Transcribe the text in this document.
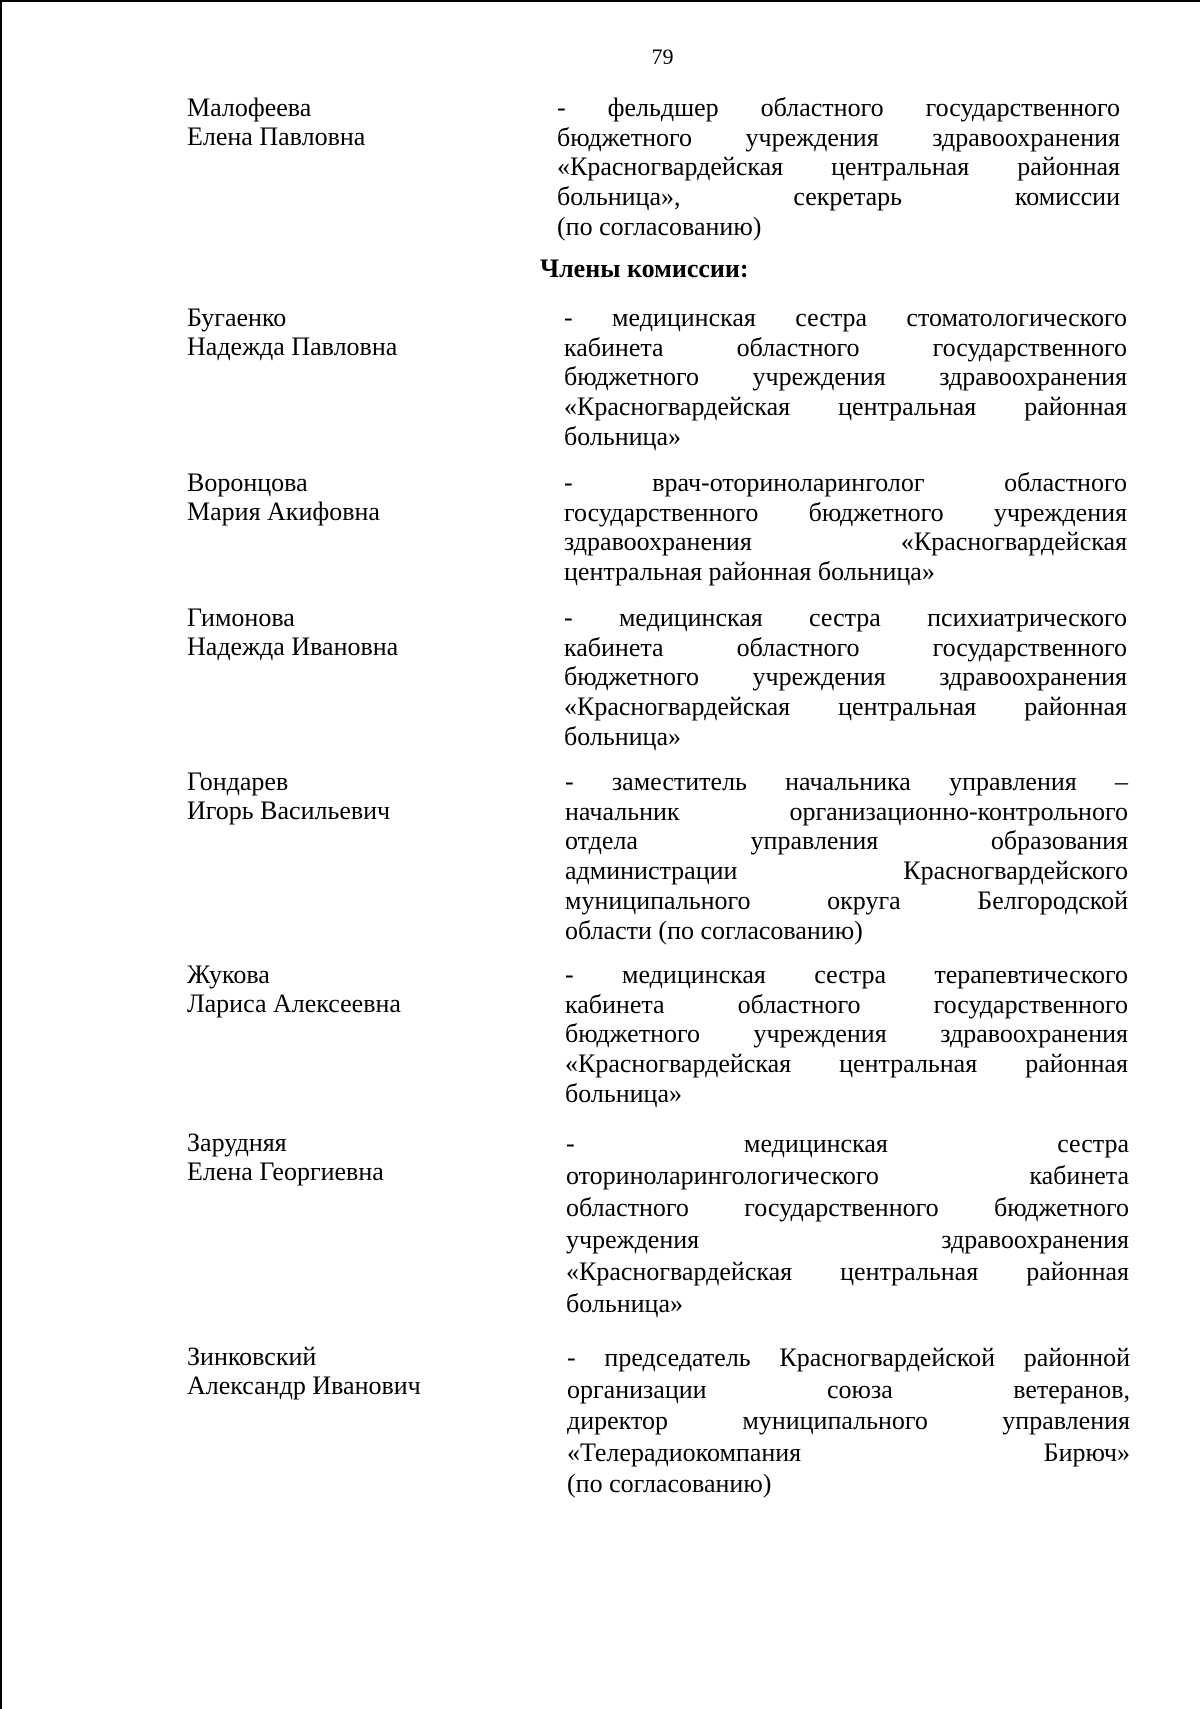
79
Малофеева
Елена Павловна
- фельдшер областного государственного
бюджетного учреждения здравоохранения
«Красногвардейская центральная районная
больница», секретарь комиссии
(по согласованию)
Члены комиссии:
Бугаенко
Надежда Павловна
- медицинская сестра стоматологического
кабинета областного государственного
бюджетного учреждения здравоохранения
«Красногвардейская центральная районная
больница»
Воронцова
Мария Акифовна
- врач-оториноларинголог областного
государственного бюджетного учреждения
здравоохранения «Красногвардейская
центральная районная больница»
Гимонова
Надежда Ивановна
- медицинская сестра психиатрического
кабинета областного государственного
бюджетного учреждения здравоохранения
«Красногвардейская центральная районная
больница»
Гондарев
Игорь Васильевич
- заместитель начальника управления –
начальник организационно-контрольного
отдела управления образования
администрации Красногвардейского
муниципального округа Белгородской
области (по согласованию)
Жукова
Лариса Алексеевна
- медицинская сестра терапевтического
кабинета областного государственного
бюджетного учреждения здравоохранения
«Красногвардейская центральная районная
больница»
Зарудняя
Елена Георгиевна
- медицинская сестра
оториноларингологического кабинета
областного государственного бюджетного
учреждения здравоохранения
«Красногвардейская центральная районная
больница»
Зинковский
Александр Иванович
- председатель Красногвардейской районной
организации союза ветеранов,
директор муниципального управления
«Телерадиокомпания Бирюч»
(по согласованию)
